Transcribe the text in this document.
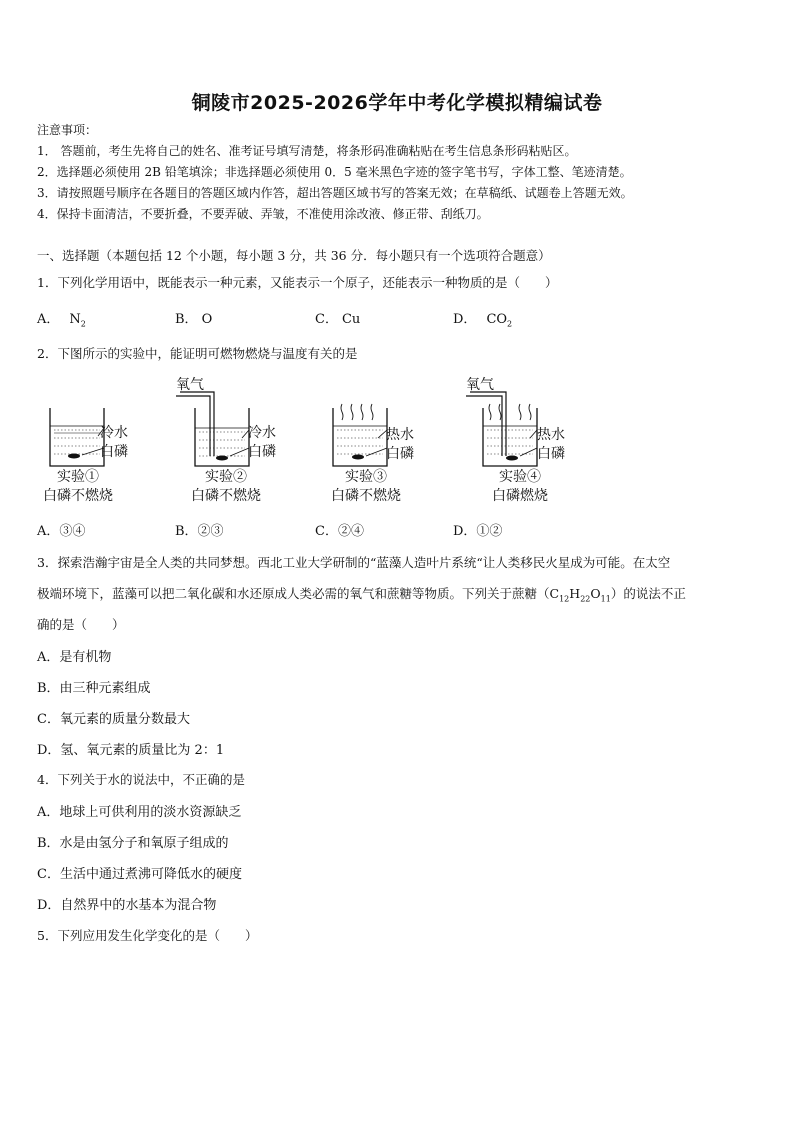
铜陵市2025-2026学年中考化学模拟精编试卷
注意事项：
1． 答题前，考生先将自己的姓名、准考证号填写清楚，将条形码准确粘贴在考生信息条形码粘贴区。
2．选择题必须使用 2B 铅笔填涂；非选择题必须使用 0．5 毫米黑色字迹的签字笔书写，字体工整、笔迹清楚。
3．请按照题号顺序在各题目的答题区域内作答，超出答题区域书写的答案无效；在草稿纸、试题卷上答题无效。
4．保持卡面清洁，不要折叠，不要弄破、弄皱，不准使用涂改液、修正带、刮纸刀。
一、选择题（本题包括 12 个小题，每小题 3 分，共 36 分．每小题只有一个选项符合题意）
1．下列化学用语中，既能表示一种元素，又能表示一个原子，还能表示一种物质的是（　　）
A． $N_2$	B． O	C． Cu	D． $CO_2$
2．下图所示的实验中，能证明可燃物燃烧与温度有关的是
氧气	氧气
冷水
白磷
冷水
白磷
热水
白磷
热水
白磷
实验①
白磷不燃烧
实验②
白磷不燃烧
实验③
白磷不燃烧
实验④
白磷燃烧
A．③④	B．②③	C．②④	D．①②
3．探索浩瀚宇宙是全人类的共同梦想。西北工业大学研制的“蓝藻人造叶片系统“让人类移民火星成为可能。在太空
极端环境下，蓝藻可以把二氧化碳和水还原成人类必需的氧气和蔗糖等物质。下列关于蔗糖$(C_{12}H_{22}O_{11})$的说法不正
确的是（　　）
A．是有机物
B．由三种元素组成
C．氧元素的质量分数最大
D．氢、氧元素的质量比为 2：1
4．下列关于水的说法中，不正确的是
A．地球上可供利用的淡水资源缺乏
B．水是由氢分子和氧原子组成的
C．生活中通过煮沸可降低水的硬度
D．自然界中的水基本为混合物
5．下列应用发生化学变化的是（　　）
